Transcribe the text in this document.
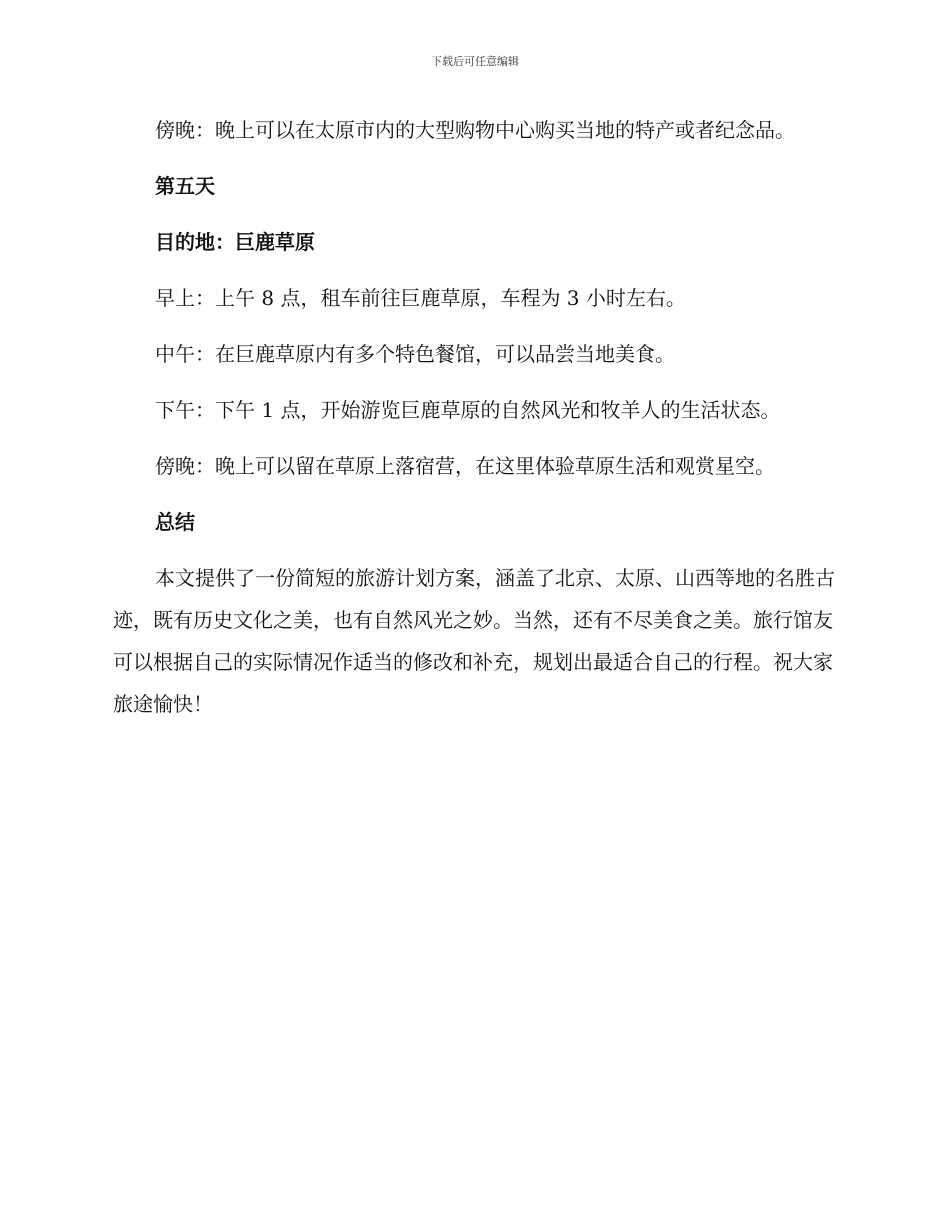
下载后可任意编辑

傍晚：晚上可以在太原市内的大型购物中心购买当地的特产或者纪念品。

第五天
目的地：巨鹿草原
早上：上午 8 点，租车前往巨鹿草原，车程为 3 小时左右。
中午：在巨鹿草原内有多个特色餐馆，可以品尝当地美食。
下午：下午 1 点，开始游览巨鹿草原的自然风光和牧羊人的生活状态。
傍晚：晚上可以留在草原上落宿营，在这里体验草原生活和观赏星空。
总结

本文提供了一份简短的旅游计划方案，涵盖了北京、太原、山西等地的名胜古迹，既有历史文化之美，也有自然风光之妙。当然，还有不尽美食之美。旅行馆友可以根据自己的实际情况作适当的修改和补充，规划出最适合自己的行程。祝大家旅途愉快！
